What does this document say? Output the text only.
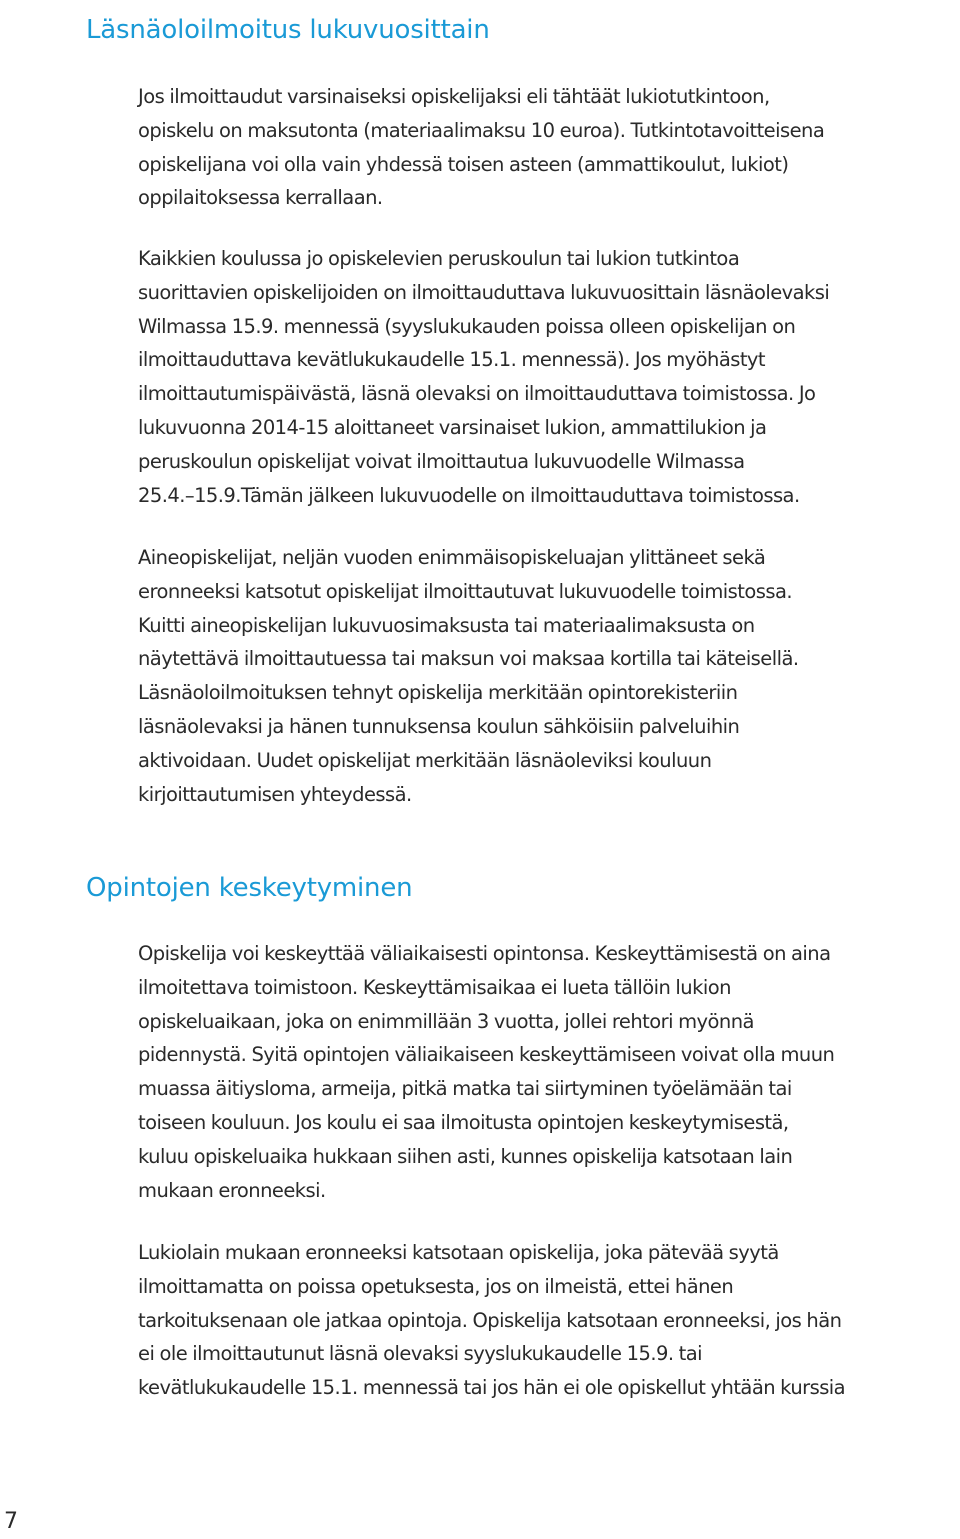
Läsnäoloilmoitus lukuvuosittain

Jos ilmoittaudut varsinaiseksi opiskelijaksi eli tähtäät lukiotutkintoon,
opiskelu on maksutonta (materiaalimaksu 10 euroa). Tutkintotavoitteisena
opiskelijana voi olla vain yhdessä toisen asteen (ammattikoulut, lukiot)
oppilaitoksessa kerrallaan.

Kaikkien koulussa jo opiskelevien peruskoulun tai lukion tutkintoa
suorittavien opiskelijoiden on ilmoittauduttava lukuvuosittain läsnäolevaksi
Wilmassa 15.9. mennessä (syyslukukauden poissa olleen opiskelijan on
ilmoittauduttava kevätlukukaudelle 15.1. mennessä). Jos myöhästyt
ilmoittautumispäivästä, läsnä olevaksi on ilmoittauduttava toimistossa. Jo
lukuvuonna 2014-15 aloittaneet varsinaiset lukion, ammattilukion ja
peruskoulun opiskelijat voivat ilmoittautua lukuvuodelle Wilmassa
25.4.–15.9.Tämän jälkeen lukuvuodelle on ilmoittauduttava toimistossa.

Aineopiskelijat, neljän vuoden enimmäisopiskeluajan ylittäneet sekä
eronneeksi katsotut opiskelijat ilmoittautuvat lukuvuodelle toimistossa.
Kuitti aineopiskelijan lukuvuosimaksusta tai materiaalimaksusta on
näytettävä ilmoittautuessa tai maksun voi maksaa kortilla tai käteisellä.
Läsnäoloilmoituksen tehnyt opiskelija merkitään opintorekisteriin
läsnäolevaksi ja hänen tunnuksensa koulun sähköisiin palveluihin
aktivoidaan. Uudet opiskelijat merkitään läsnäoleviksi kouluun
kirjoittautumisen yhteydessä.

Opintojen keskeytyminen

Opiskelija voi keskeyttää väliaikaisesti opintonsa. Keskeyttämisestä on aina
ilmoitettava toimistoon. Keskeyttämisaikaa ei lueta tällöin lukion
opiskeluaikaan, joka on enimmillään 3 vuotta, jollei rehtori myönnä
pidennystä. Syitä opintojen väliaikaiseen keskeyttämiseen voivat olla muun
muassa äitiysloma, armeija, pitkä matka tai siirtyminen työelämään tai
toiseen kouluun. Jos koulu ei saa ilmoitusta opintojen keskeytymisestä,
kuluu opiskeluaika hukkaan siihen asti, kunnes opiskelija katsotaan lain
mukaan eronneeksi.

Lukiolain mukaan eronneeksi katsotaan opiskelija, joka pätevää syytä
ilmoittamatta on poissa opetuksesta, jos on ilmeistä, ettei hänen
tarkoituksenaan ole jatkaa opintoja. Opiskelija katsotaan eronneeksi, jos hän
ei ole ilmoittautunut läsnä olevaksi syyslukukaudelle 15.9. tai
kevätlukukaudelle 15.1. mennessä tai jos hän ei ole opiskellut yhtään kurssia

7
